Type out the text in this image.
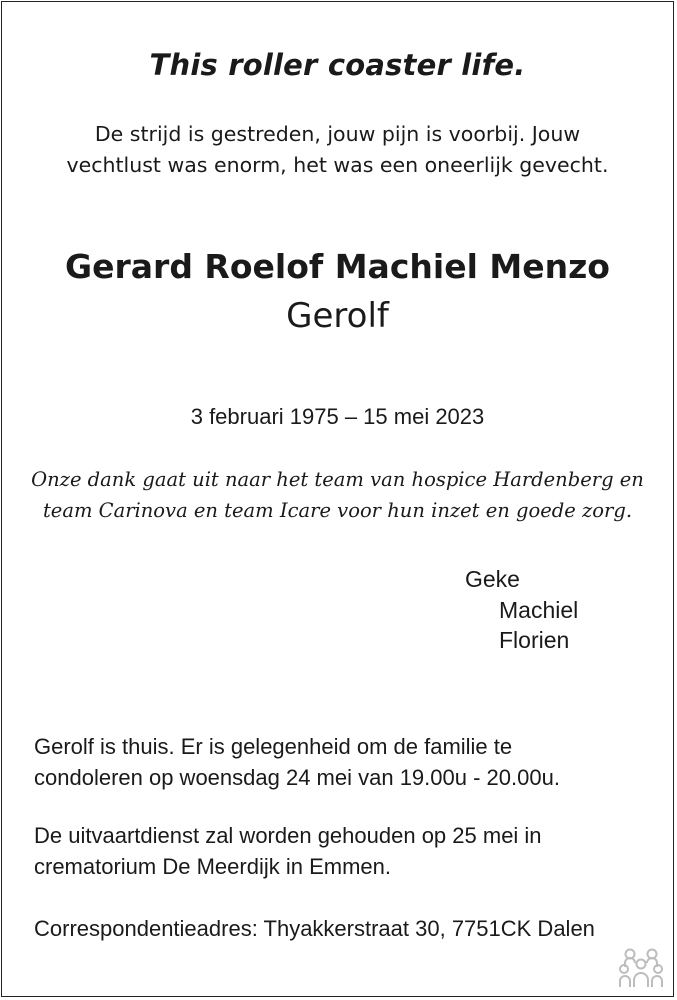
This roller coaster life.
De strijd is gestreden, jouw pijn is voorbij. Jouw
vechtlust was enorm, het was een oneerlijk gevecht.
Gerard Roelof Machiel Menzo
Gerolf
3 februari 1975 – 15 mei 2023
Onze dank gaat uit naar het team van hospice Hardenberg en
team Carinova en team Icare voor hun inzet en goede zorg.
Geke
Machiel
Florien
Gerolf is thuis. Er is gelegenheid om de familie te
condoleren op woensdag 24 mei van 19.00u - 20.00u.
De uitvaartdienst zal worden gehouden op 25 mei in
crematorium De Meerdijk in Emmen.
Correspondentieadres: Thyakkerstraat 30, 7751CK Dalen
